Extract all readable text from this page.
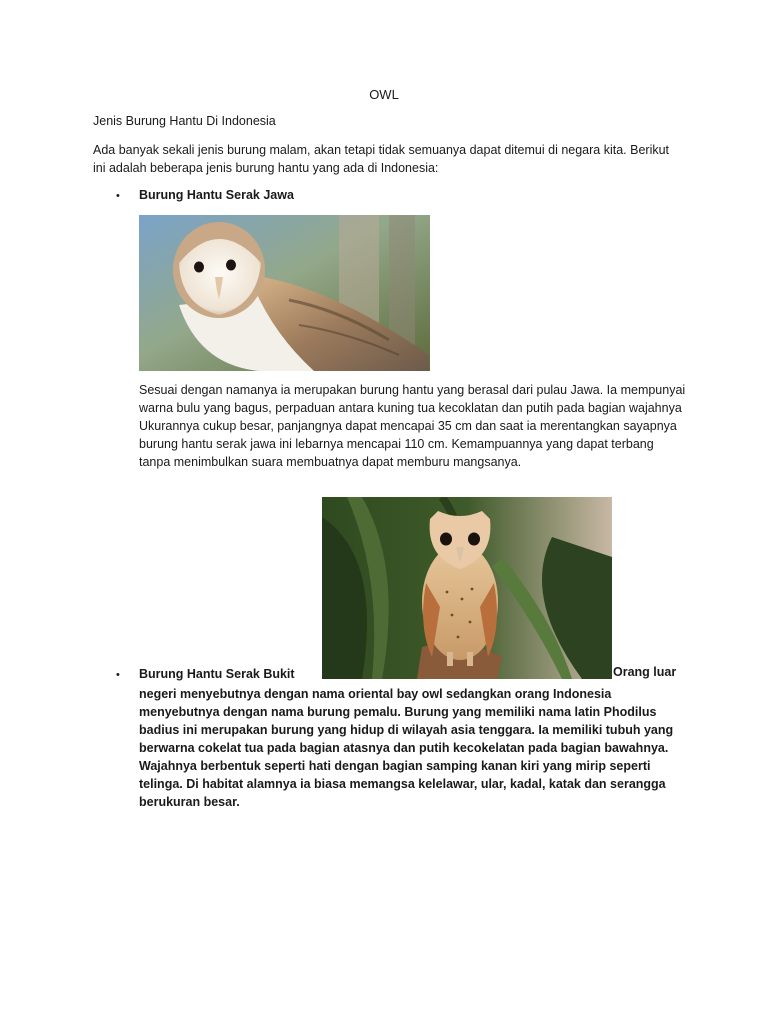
OWL
Jenis Burung Hantu Di Indonesia
Ada banyak sekali jenis burung malam, akan tetapi tidak semuanya dapat ditemui di negara kita. Berikut ini adalah beberapa jenis burung hantu yang ada di Indonesia:
• Burung Hantu Serak Jawa
Sesuai dengan namanya ia merupakan burung hantu yang berasal dari pulau Jawa. Ia mempunyai warna bulu yang bagus, perpaduan antara kuning tua kecoklatan dan putih pada bagian wajahnya Ukurannya cukup besar, panjangnya dapat mencapai 35 cm dan saat ia merentangkan sayapnya burung hantu serak jawa ini lebarnya mencapai 110 cm. Kemampuannya yang dapat terbang tanpa menimbulkan suara membuatnya dapat memburu mangsanya.
• Burung Hantu Serak Bukit	Orang luar
negeri menyebutnya dengan nama oriental bay owl sedangkan orang Indonesia menyebutnya dengan nama burung pemalu. Burung yang memiliki nama latin Phodilus badius ini merupakan burung yang hidup di wilayah asia tenggara. Ia memiliki tubuh yang berwarna cokelat tua pada bagian atasnya dan putih kecokelatan pada bagian bawahnya. Wajahnya berbentuk seperti hati dengan bagian samping kanan kiri yang mirip seperti telinga. Di habitat alamnya ia biasa memangsa kelelawar, ular, kadal, katak dan serangga berukuran besar.
